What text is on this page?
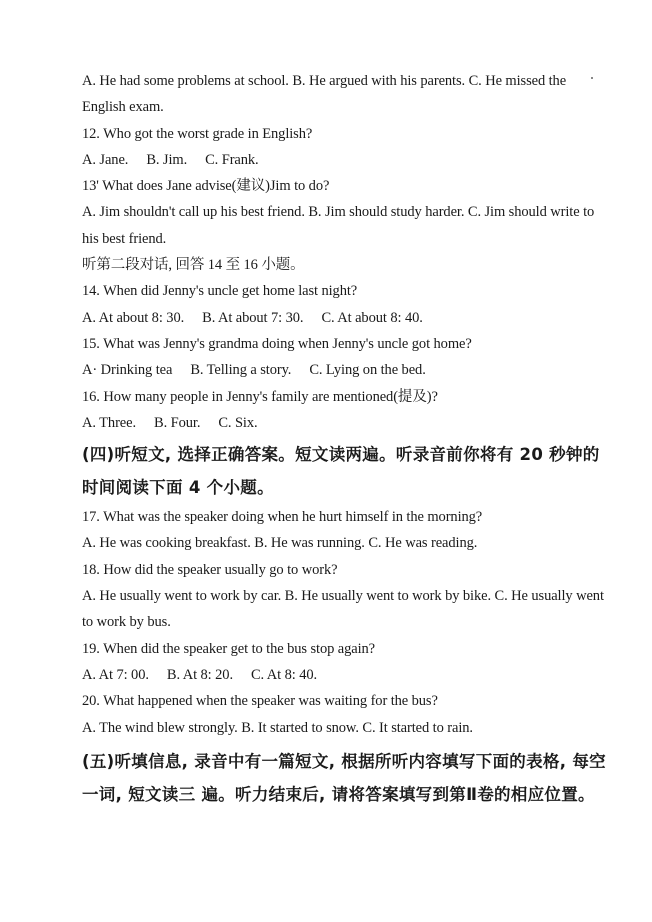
A. He had some problems at school. B. He argued with his parents. C. He missed the English exam.
12. Who got the worst grade in English?
A. Jane. B. Jim. C. Frank.
13' What does Jane advise(建议)Jim to do?
A. Jim shouldn't call up his best friend. B. Jim should study harder. C. Jim should write to his best friend.
听第二段对话, 回答 14 至 16 小题。
14. When did Jenny's uncle get home last night?
A. At about 8: 30. B. At about 7: 30. C. At about 8: 40.
15. What was Jenny's grandma doing when Jenny's uncle got home?
A· Drinking tea B. Telling a story. C. Lying on the bed.
16. How many people in Jenny's family are mentioned(提及)?
A. Three. B. Four. C. Six.
(四)听短文, 选择正确答案。短文读两遍。听录音前你将有 20 秒钟的时间阅读下面 4 个小题。
17. What was the speaker doing when he hurt himself in the morning?
A. He was cooking breakfast. B. He was running. C. He was reading.
18. How did the speaker usually go to work?
A. He usually went to work by car. B. He usually went to work by bike. C. He usually went to work by bus.
19. When did the speaker get to the bus stop again?
A. At 7: 00. B. At 8: 20. C. At 8: 40.
20. What happened when the speaker was waiting for the bus?
A. The wind blew strongly. B. It started to snow. C. It started to rain.
(五)听填信息, 录音中有一篇短文, 根据所听内容填写下面的表格, 每空一词, 短文读三 遍。听力结束后, 请将答案填写到第Ⅱ卷的相应位置。
